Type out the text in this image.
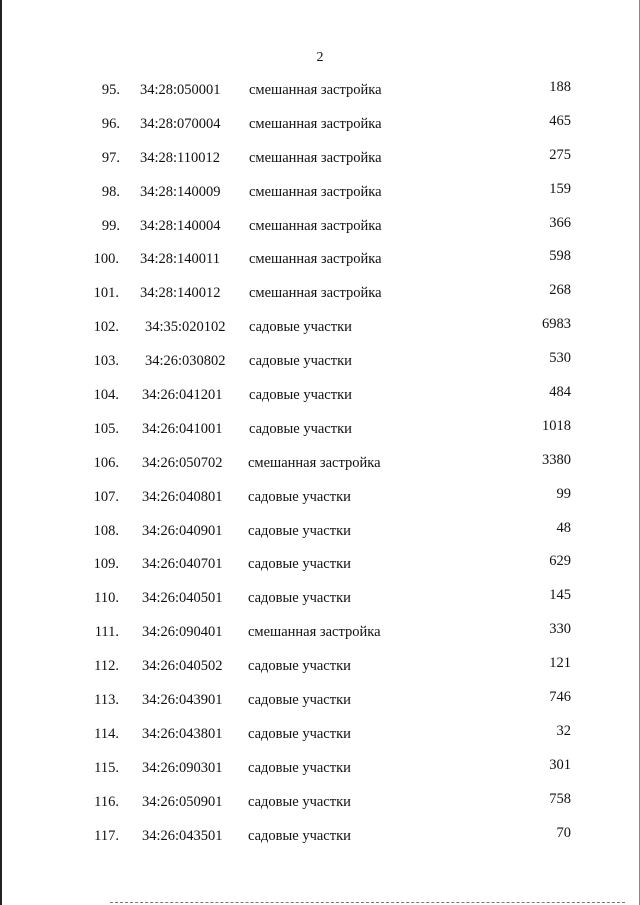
2
95. 34:28:050001 смешанная застройка	188
96. 34:28:070004 смешанная застройка	465
97. 34:28:110012 смешанная застройка	275
98. 34:28:140009 смешанная застройка	159
99. 34:28:140004 смешанная застройка	366
100. 34:28:140011 смешанная застройка	598
101. 34:28:140012 смешанная застройка	268
102. 34:35:020102 садовые участки	6983
103. 34:26:030802 садовые участки	530
104. 34:26:041201 садовые участки	484
105. 34:26:041001 садовые участки	1018
106. 34:26:050702 смешанная застройка	3380
107. 34:26:040801 садовые участки	99
108. 34:26:040901 садовые участки	48
109. 34:26:040701 садовые участки	629
110. 34:26:040501 садовые участки	145
111. 34:26:090401 смешанная застройка	330
112. 34:26:040502 садовые участки	121
113. 34:26:043901 садовые участки	746
114. 34:26:043801 садовые участки	32
115. 34:26:090301 садовые участки	301
116. 34:26:050901 садовые участки	758
117. 34:26:043501 садовые участки	70
